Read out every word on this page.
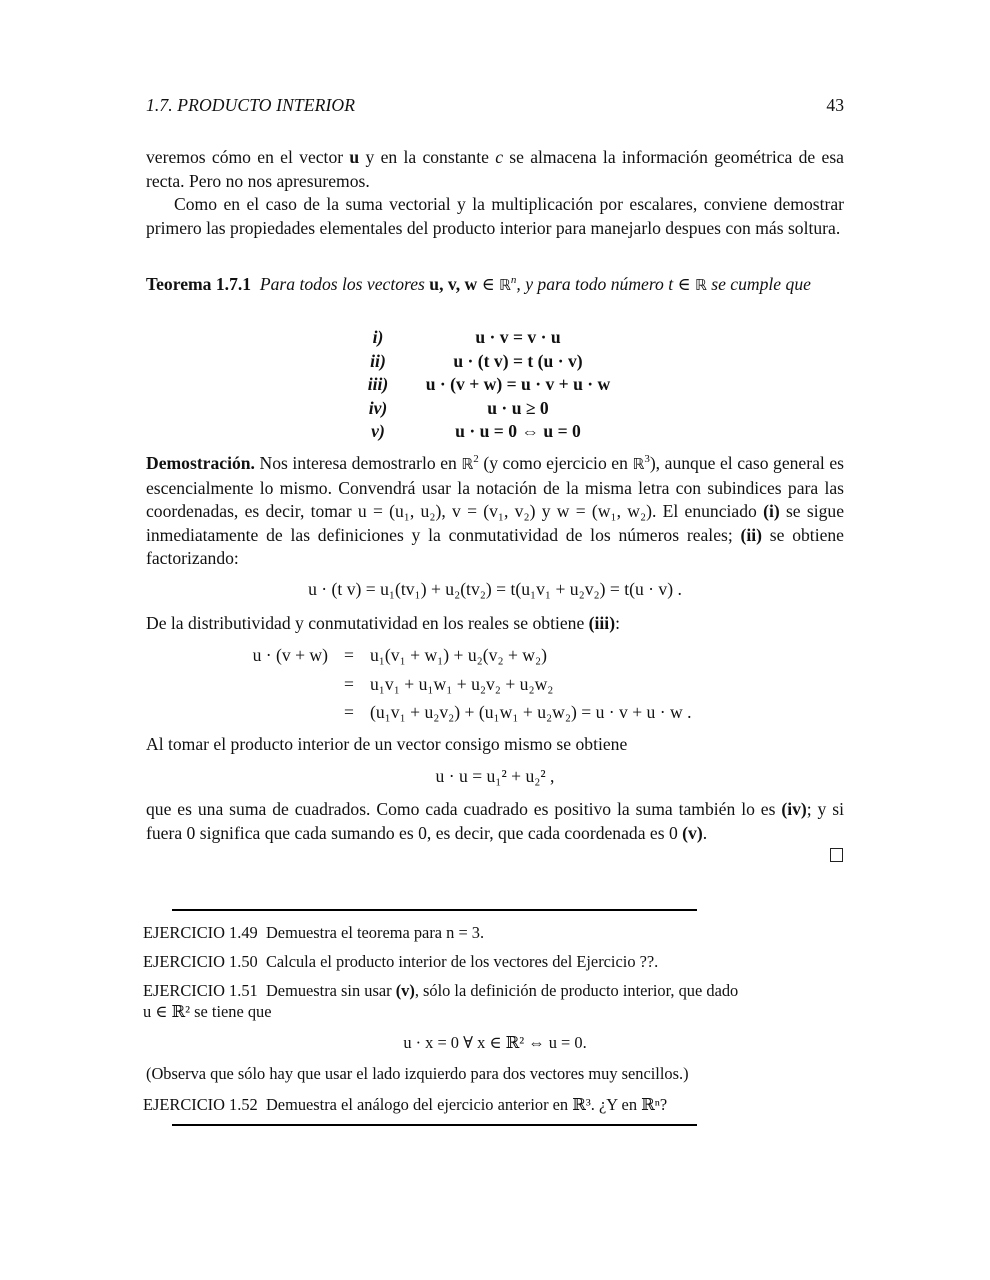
1.7. PRODUCTO INTERIOR	43

veremos cómo en el vector u y en la constante c se almacena la información geométrica de esa recta. Pero no nos apresuremos.

Como en el caso de la suma vectorial y la multiplicación por escalares, conviene demostrar primero las propiedades elementales del producto interior para manejarlo despues con más soltura.

Teorema 1.7.1 Para todos los vectores u, v, w ∈ ℝ$^n$, y para todo número t ∈ ℝ se cumple que

i)	u · v = v · u
ii)	u · (t v) = t (u · v)
iii)	u · (v + w) = u · v + u · w
iv)	u · u ≥ 0
v)	u · u = 0 ⇔ u = 0

Demostración. Nos interesa demostrarlo en ℝ$^2$ (y como ejercicio en ℝ$^3$), aunque el caso general es escencialmente lo mismo. Convendrá usar la notación de la misma letra con subindices para las coordenadas, es decir, tomar u = (u₁, u₂), v = (v₁, v₂) y w = (w₁, w₂). El enunciado (i) se sigue inmediatamente de las definiciones y la conmutatividad de los números reales; (ii) se obtiene factorizando:

u · (t v) = u₁(tv₁) + u₂(tv₂) = t(u₁v₁ + u₂v₂) = t(u · v) .

De la distributividad y conmutatividad en los reales se obtiene (iii):

u · (v + w) = u₁(v₁ + w₁) + u₂(v₂ + w₂)
= u₁v₁ + u₁w₁ + u₂v₂ + u₂w₂
= (u₁v₁ + u₂v₂) + (u₁w₁ + u₂w₂) = u · v + u · w .
Al tomar el producto interior de un vector consigo mismo se obtiene
u · u = u₁² + u₂² ,

que es una suma de cuadrados. Como cada cuadrado es positivo la suma también lo es (iv); y si fuera 0 significa que cada sumando es 0, es decir, que cada coordenada es 0 (v).

EJERCICIO 1.49 Demuestra el teorema para n = 3.
EJERCICIO 1.50 Calcula el producto interior de los vectores del Ejercicio ??.
EJERCICIO 1.51 Demuestra sin usar (v), sólo la definición de producto interior, que dado
u ∈ ℝ² se tiene que
u · x = 0 ∀ x ∈ ℝ² ⇔ u = 0.
(Observa que sólo hay que usar el lado izquierdo para dos vectores muy sencillos.)
EJERCICIO 1.52 Demuestra el análogo del ejercicio anterior en ℝ³. ¿Y en ℝⁿ?
